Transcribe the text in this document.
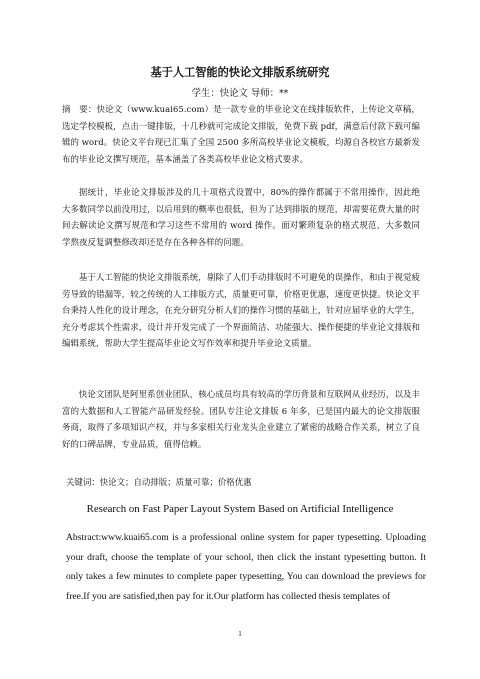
基于人工智能的快论文排版系统研究
学生：快论文 导师：**
摘　要：快论文（www.kuai65.com）是一款专业的毕业论文在线排版软件，上传论文草稿，选定学校模板，点击一键排版，十几秒就可完成论文排版，免费下载 pdf，满意后付款下载可编辑的 word。快论文平台现已汇集了全国 2500 多所高校毕业论文模板，均源自各校官方最新发布的毕业论文撰写规范，基本涵盖了各类高校毕业论文格式要求。
据统计，毕业论文排版涉及的几十项格式设置中，80%的操作都属于不常用操作，因此绝大多数同学以前没用过，以后用到的概率也很低，但为了达到排版的规范，却需要花费大量的时间去解读论文撰写规范和学习这些不常用的 word 操作。面对繁琐复杂的格式规范，大多数同学熬夜反复调整修改却还是存在各种各样的问题。
基于人工智能的快论文排版系统，剔除了人们手动排版时不可避免的误操作，和由于视觉疲劳导致的错漏等，较之传统的人工排版方式，质量更可靠，价格更优惠，速度更快捷。快论文平台秉持人性化的设计理念，在充分研究分析人们的操作习惯的基础上，针对应届毕业的大学生，充分考虑其个性需求，设计并开发完成了一个界面简洁、功能强大、操作便捷的毕业论文排版和编辑系统，帮助大学生提高毕业论文写作效率和提升毕业论文质量。
快论文团队是阿里系创业团队，核心成员均具有较高的学历背景和互联网从业经历，以及丰富的大数据和人工智能产品研发经验。团队专注论文排版 6 年多，已是国内最大的论文排版服务商，取得了多项知识产权，并与多家相关行业龙头企业建立了紧密的战略合作关系，树立了良好的口碑品牌，专业品质，值得信赖。
关键词：快论文；自动排版；质量可靠；价格优惠
Research on Fast Paper Layout System Based on Artificial Intelligence
Abstract:www.kuai65.com is a professional online system for paper typesetting. Uploading your draft, choose the template of your school, then click the instant typesetting button. It only takes a few minutes to complete paper typesetting, You can download the previews for free.If you are satisfied,then pay for it.Our platform has collected thesis templates of
1
